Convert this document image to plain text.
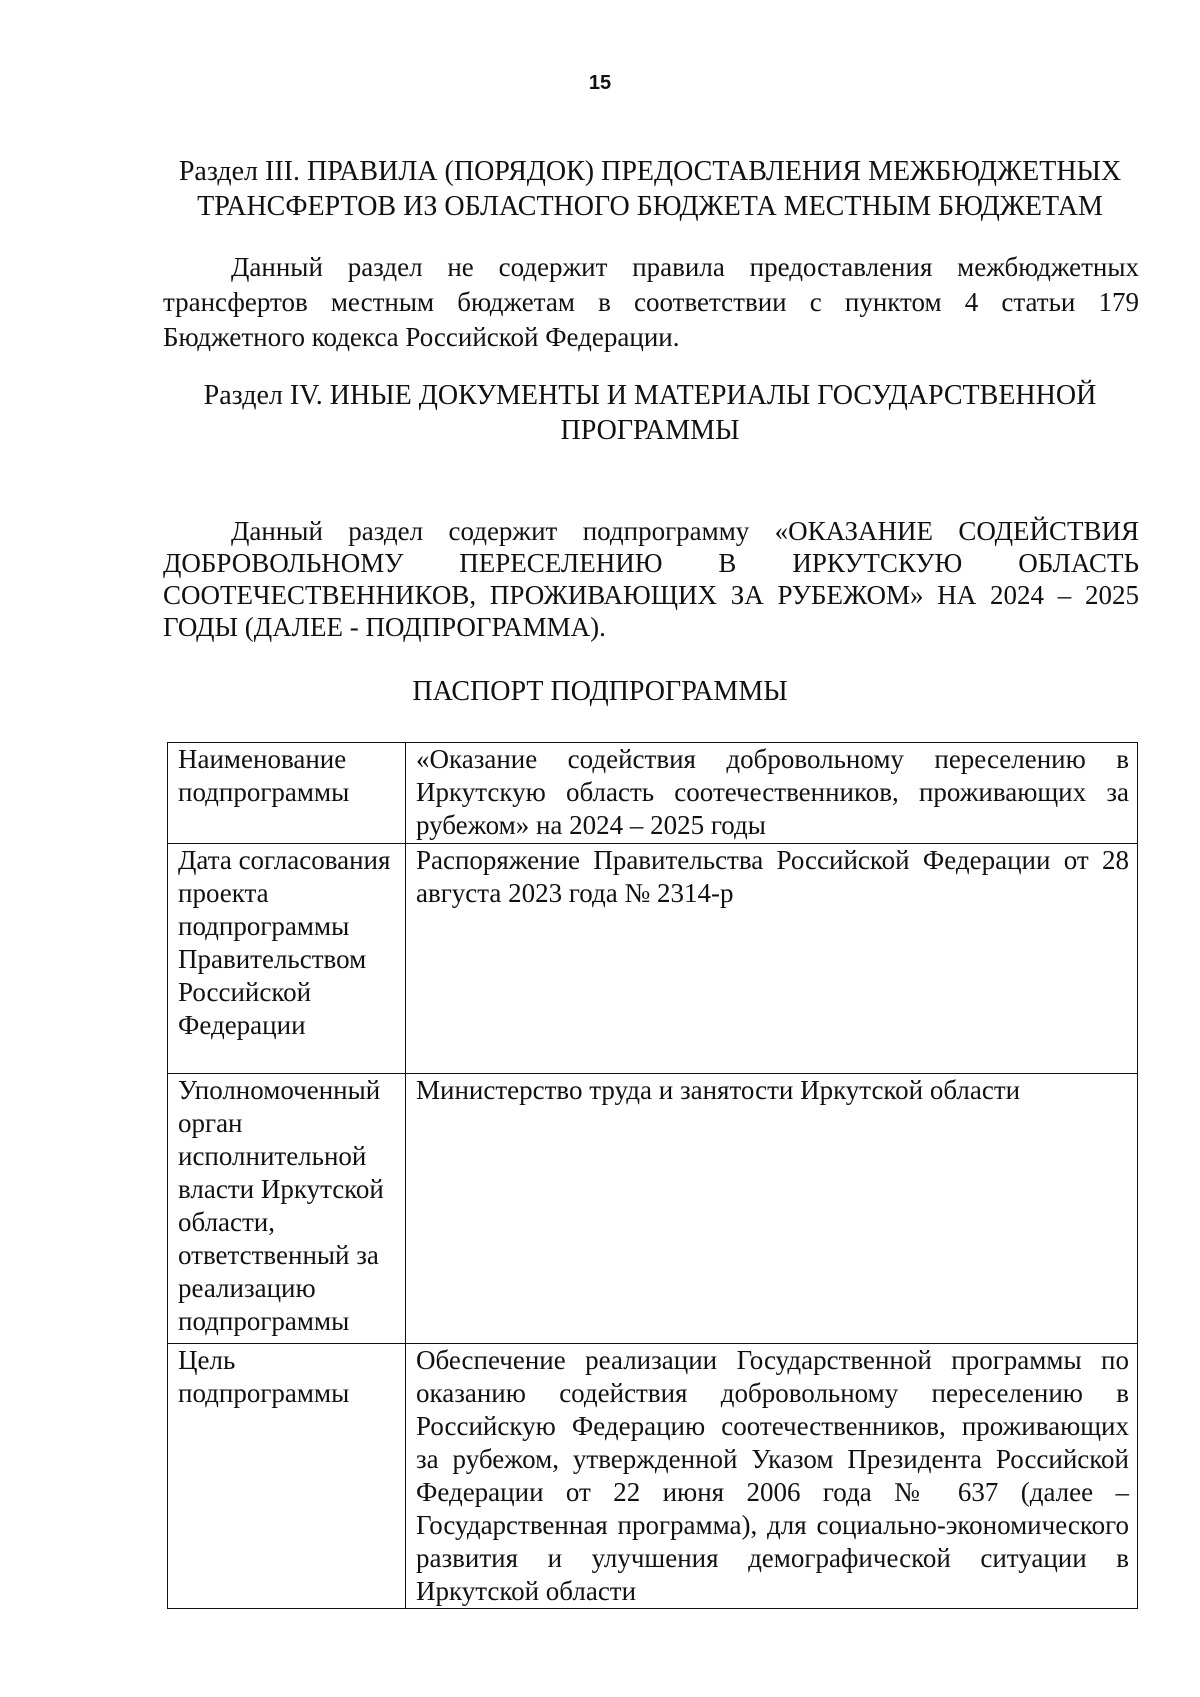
15
Раздел III. ПРАВИЛА (ПОРЯДОК) ПРЕДОСТАВЛЕНИЯ МЕЖБЮДЖЕТНЫХ ТРАНСФЕРТОВ ИЗ ОБЛАСТНОГО БЮДЖЕТА МЕСТНЫМ БЮДЖЕТАМ

Данный раздел не содержит правила предоставления межбюджетных трансфертов местным бюджетам в соответствии с пунктом 4 статьи 179 Бюджетного кодекса Российской Федерации.

Раздел IV. ИНЫЕ ДОКУМЕНТЫ И МАТЕРИАЛЫ ГОСУДАРСТВЕННОЙ ПРОГРАММЫ

Данный раздел содержит подпрограмму «ОКАЗАНИЕ СОДЕЙСТВИЯ ДОБРОВОЛЬНОМУ ПЕРЕСЕЛЕНИЮ В ИРКУТСКУЮ ОБЛАСТЬ СООТЕЧЕСТВЕННИКОВ, ПРОЖИВАЮЩИХ ЗА РУБЕЖОМ» НА 2024 – 2025 ГОДЫ (ДАЛЕЕ - ПОДПРОГРАММА).

ПАСПОРТ ПОДПРОГРАММЫ
Наименование подпрограммы	«Оказание содействия добровольному переселению в Иркутскую область соотечественников, проживающих за рубежом» на 2024 – 2025 годы
Дата согласования проекта подпрограммы Правительством Российской Федерации	Распоряжение Правительства Российской Федерации от 28 августа 2023 года № 2314-р
Уполномоченный орган исполнительной власти Иркутской области, ответственный за реализацию подпрограммы	Министерство труда и занятости Иркутской области
Цель подпрограммы	Обеспечение реализации Государственной программы по оказанию содействия добровольному переселению в Российскую Федерацию соотечественников, проживающих за рубежом, утвержденной Указом Президента Российской Федерации от 22 июня 2006 года № 637 (далее – Государственная программа), для социально-экономического развития и улучшения демографической ситуации в Иркутской области
